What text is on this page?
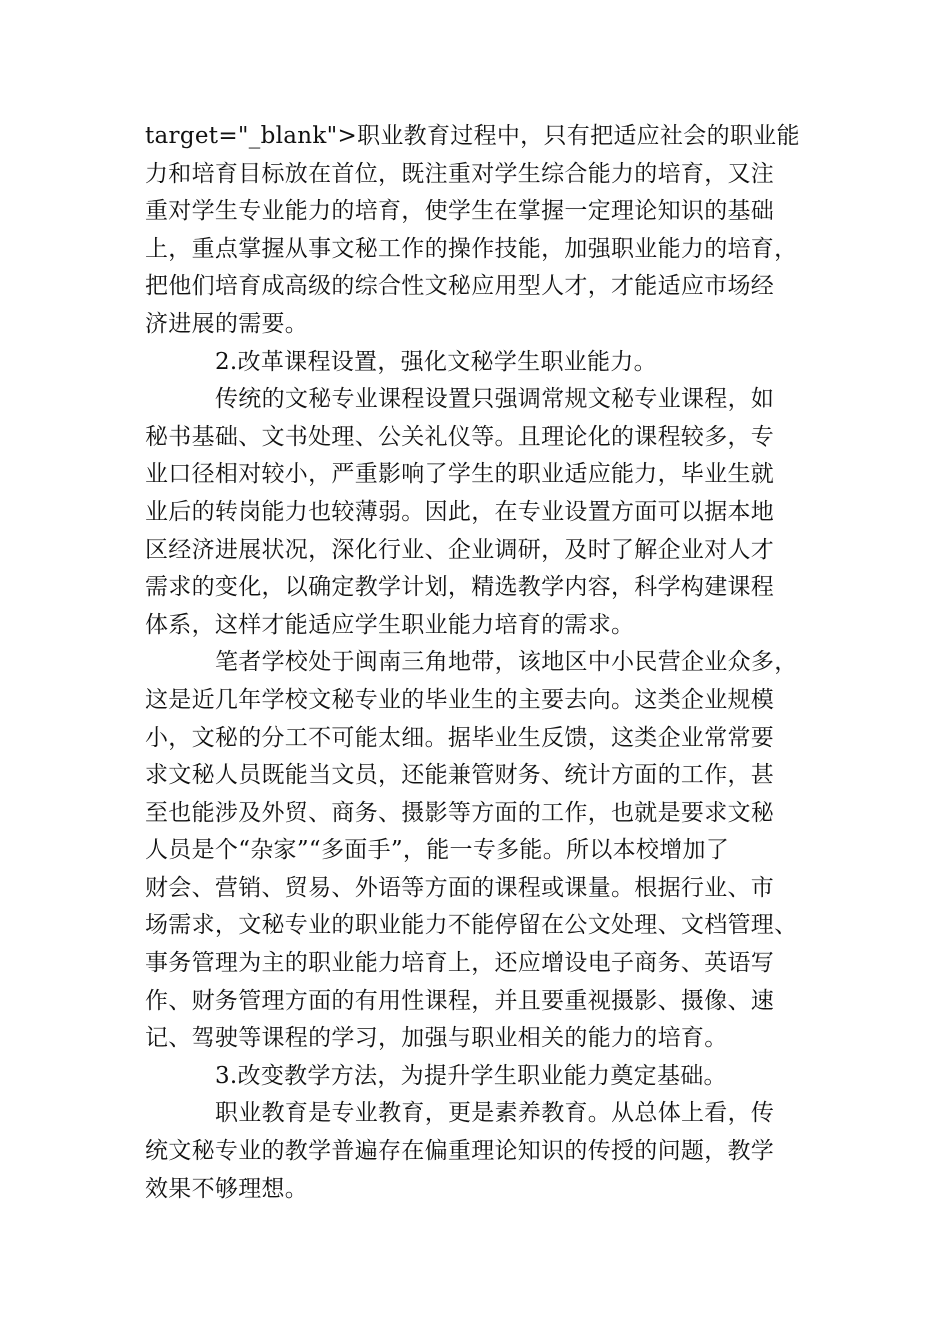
target="_blank">职业教育过程中，只有把适应社会的职业能
力和培育目标放在首位，既注重对学生综合能力的培育，又注
重对学生专业能力的培育，使学生在掌握一定理论知识的基础
上，重点掌握从事文秘工作的操作技能，加强职业能力的培育，
把他们培育成高级的综合性文秘应用型人才，才能适应市场经
济进展的需要。
2.改革课程设置，强化文秘学生职业能力。
传统的文秘专业课程设置只强调常规文秘专业课程，如
秘书基础、文书处理、公关礼仪等。且理论化的课程较多，专
业口径相对较小，严重影响了学生的职业适应能力，毕业生就
业后的转岗能力也较薄弱。因此，在专业设置方面可以据本地
区经济进展状况，深化行业、企业调研，及时了解企业对人才
需求的变化，以确定教学计划，精选教学内容，科学构建课程
体系，这样才能适应学生职业能力培育的需求。
笔者学校处于闽南三角地带，该地区中小民营企业众多，
这是近几年学校文秘专业的毕业生的主要去向。这类企业规模
小，文秘的分工不可能太细。据毕业生反馈，这类企业常常要
求文秘人员既能当文员，还能兼管财务、统计方面的工作，甚
至也能涉及外贸、商务、摄影等方面的工作，也就是要求文秘
人员是个“杂家”“多面手”，能一专多能。所以本校增加了
财会、营销、贸易、外语等方面的课程或课量。根据行业、市
场需求，文秘专业的职业能力不能停留在公文处理、文档管理、
事务管理为主的职业能力培育上，还应增设电子商务、英语写
作、财务管理方面的有用性课程，并且要重视摄影、摄像、速
记、驾驶等课程的学习，加强与职业相关的能力的培育。
3.改变教学方法，为提升学生职业能力奠定基础。
职业教育是专业教育，更是素养教育。从总体上看，传
统文秘专业的教学普遍存在偏重理论知识的传授的问题，教学
效果不够理想。
